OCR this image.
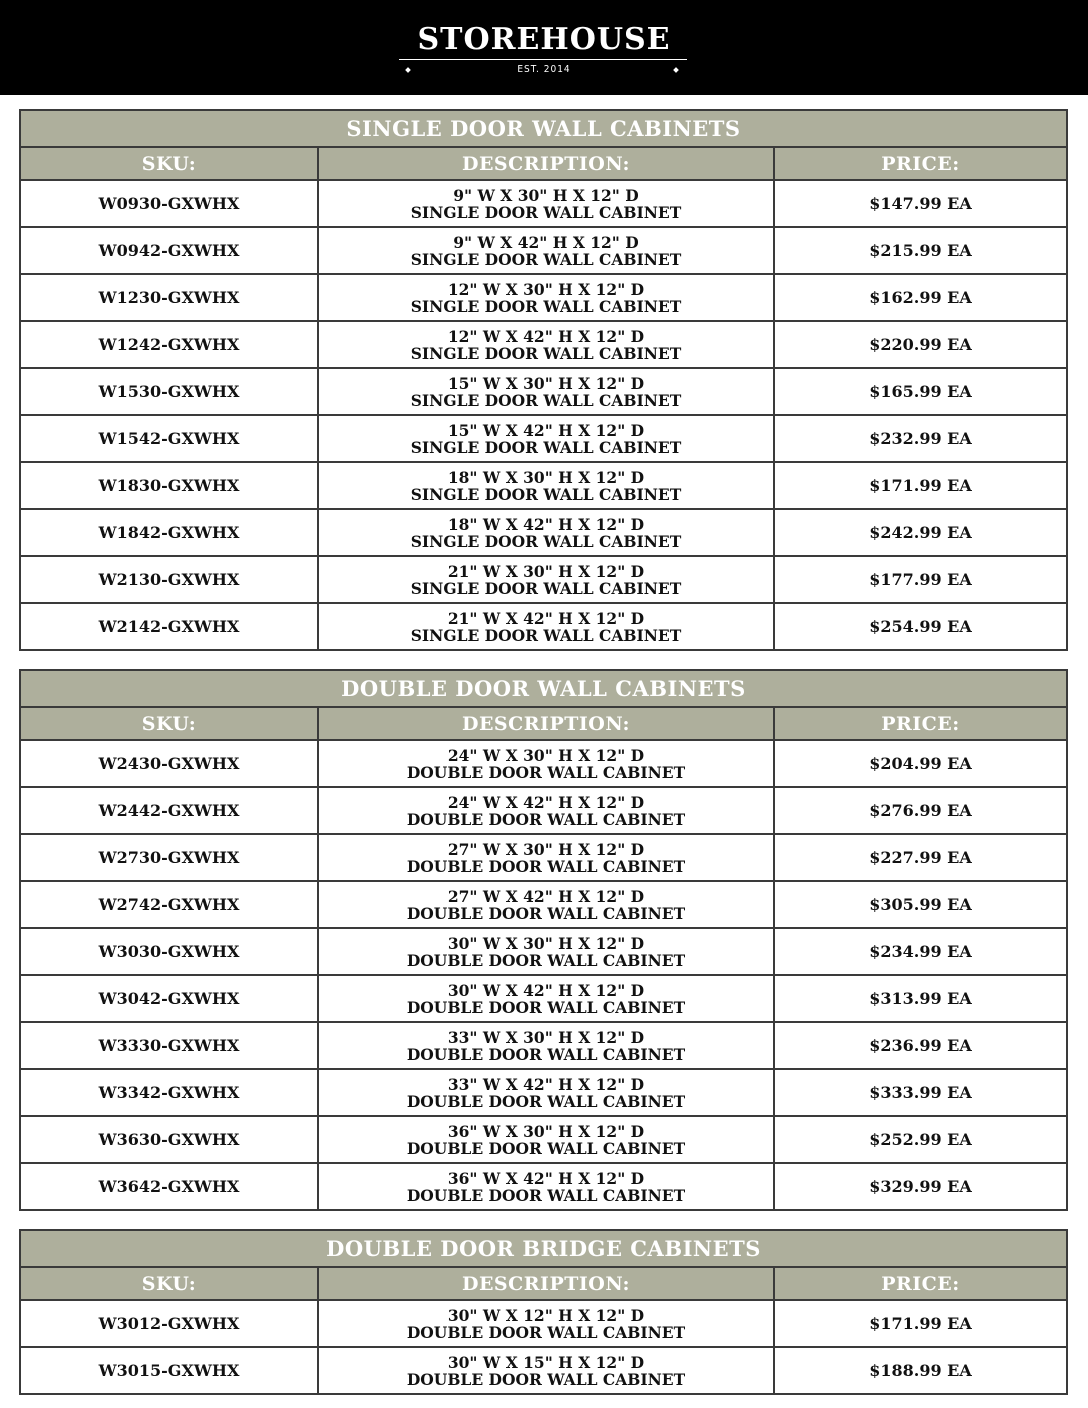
STOREHOUSE
EST. 2014
SINGLE DOOR WALL CABINETS
SKU:	DESCRIPTION:	PRICE:
W0930-GXWHX	9" W X 30" H X 12" D
SINGLE DOOR WALL CABINET	$147.99 EA
W0942-GXWHX	9" W X 42" H X 12" D
SINGLE DOOR WALL CABINET	$215.99 EA
W1230-GXWHX	12" W X 30" H X 12" D
SINGLE DOOR WALL CABINET	$162.99 EA
W1242-GXWHX	12" W X 42" H X 12" D
SINGLE DOOR WALL CABINET	$220.99 EA
W1530-GXWHX	15" W X 30" H X 12" D
SINGLE DOOR WALL CABINET	$165.99 EA
W1542-GXWHX	15" W X 42" H X 12" D
SINGLE DOOR WALL CABINET	$232.99 EA
W1830-GXWHX	18" W X 30" H X 12" D
SINGLE DOOR WALL CABINET	$171.99 EA
W1842-GXWHX	18" W X 42" H X 12" D
SINGLE DOOR WALL CABINET	$242.99 EA
W2130-GXWHX	21" W X 30" H X 12" D
SINGLE DOOR WALL CABINET	$177.99 EA
W2142-GXWHX	21" W X 42" H X 12" D
SINGLE DOOR WALL CABINET	$254.99 EA
DOUBLE DOOR WALL CABINETS
SKU:	DESCRIPTION:	PRICE:
W2430-GXWHX	24" W X 30" H X 12" D
DOUBLE DOOR WALL CABINET	$204.99 EA
W2442-GXWHX	24" W X 42" H X 12" D
DOUBLE DOOR WALL CABINET	$276.99 EA
W2730-GXWHX	27" W X 30" H X 12" D
DOUBLE DOOR WALL CABINET	$227.99 EA
W2742-GXWHX	27" W X 42" H X 12" D
DOUBLE DOOR WALL CABINET	$305.99 EA
W3030-GXWHX	30" W X 30" H X 12" D
DOUBLE DOOR WALL CABINET	$234.99 EA
W3042-GXWHX	30" W X 42" H X 12" D
DOUBLE DOOR WALL CABINET	$313.99 EA
W3330-GXWHX	33" W X 30" H X 12" D
DOUBLE DOOR WALL CABINET	$236.99 EA
W3342-GXWHX	33" W X 42" H X 12" D
DOUBLE DOOR WALL CABINET	$333.99 EA
W3630-GXWHX	36" W X 30" H X 12" D
DOUBLE DOOR WALL CABINET	$252.99 EA
W3642-GXWHX	36" W X 42" H X 12" D
DOUBLE DOOR WALL CABINET	$329.99 EA
DOUBLE DOOR BRIDGE CABINETS
SKU:	DESCRIPTION:	PRICE:
W3012-GXWHX	30" W X 12" H X 12" D
DOUBLE DOOR WALL CABINET	$171.99 EA
W3015-GXWHX	30" W X 15" H X 12" D
DOUBLE DOOR WALL CABINET	$188.99 EA
